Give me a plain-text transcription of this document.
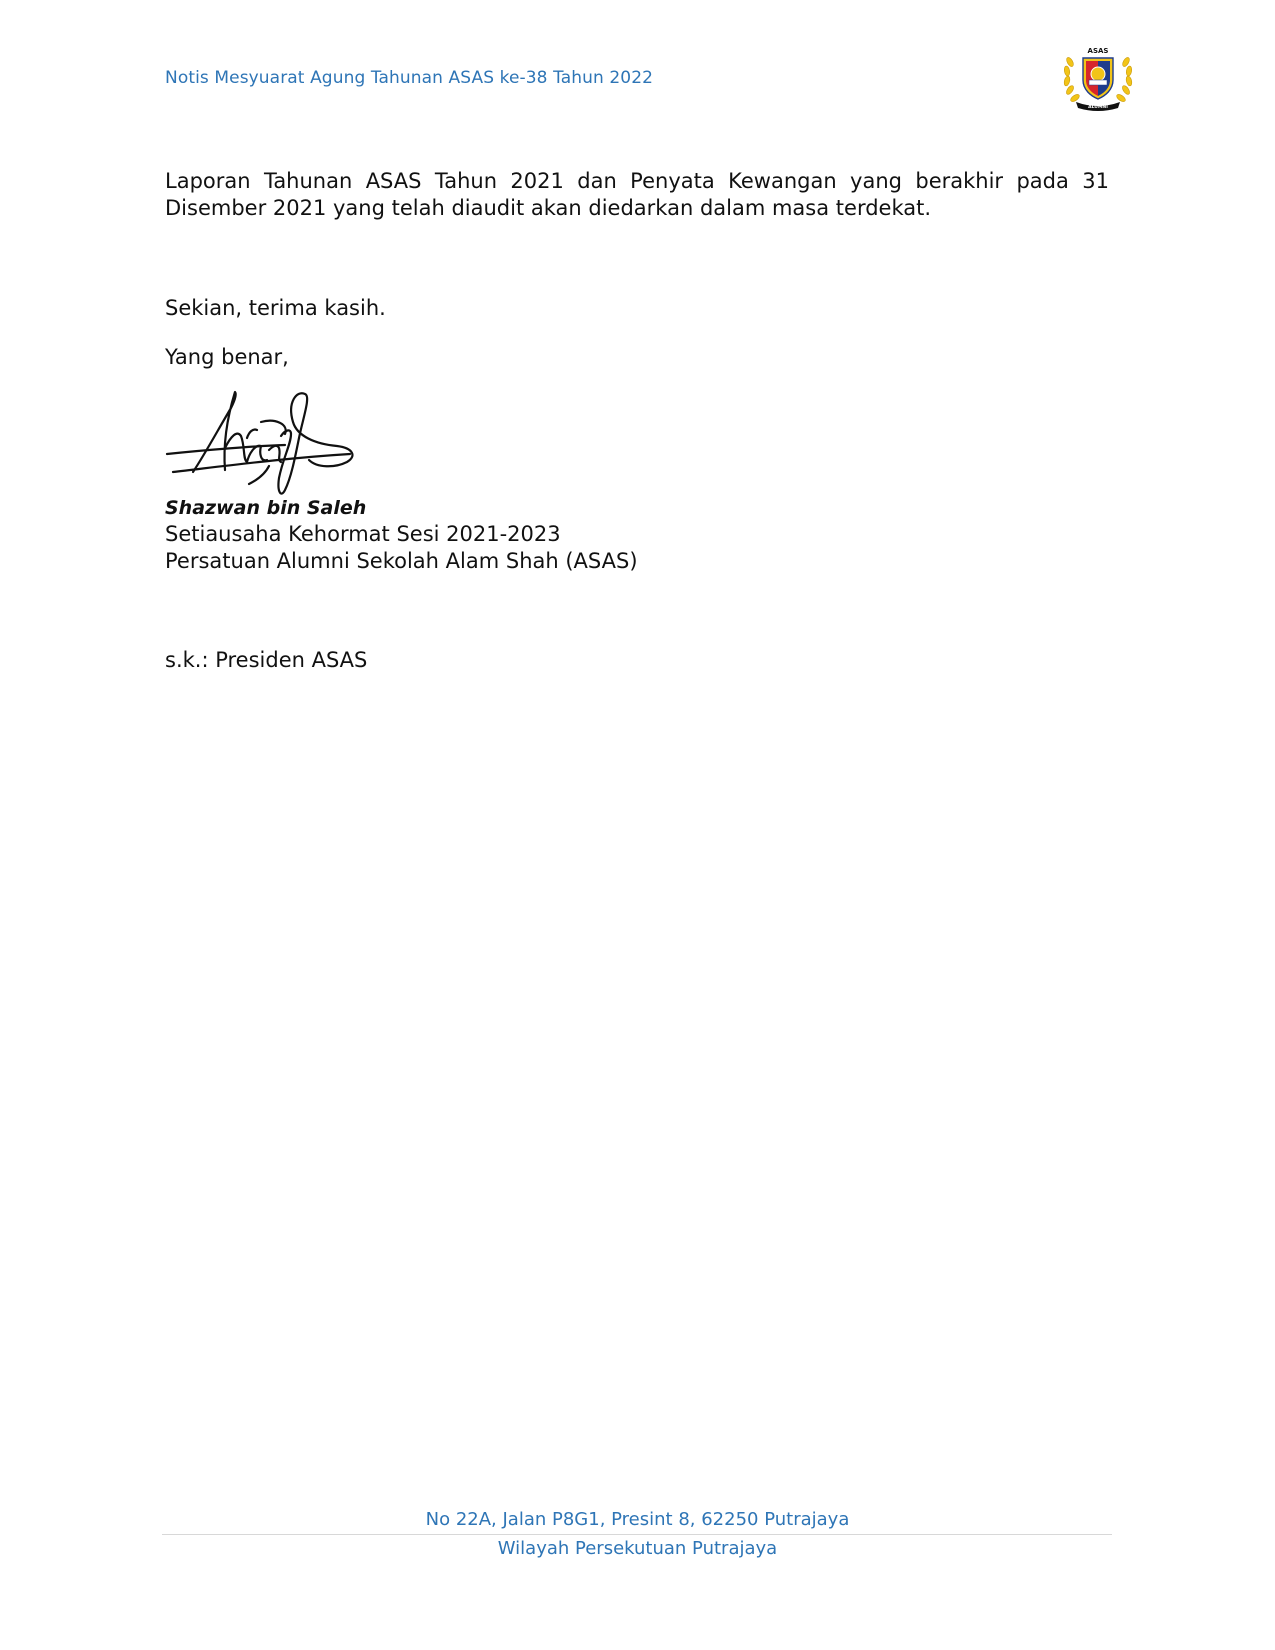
Notis Mesyuarat Agung Tahunan ASAS ke-38 Tahun 2022
ASAS
ALUMNI
Laporan Tahunan ASAS Tahun 2021 dan Penyata Kewangan yang berakhir pada 31 Disember 2021 yang telah diaudit akan diedarkan dalam masa terdekat.
Sekian, terima kasih.
Yang benar,
Shazwan bin Saleh
Setiausaha Kehormat Sesi 2021-2023
Persatuan Alumni Sekolah Alam Shah (ASAS)
s.k.: Presiden ASAS
No 22A, Jalan P8G1, Presint 8, 62250 Putrajaya
Wilayah Persekutuan Putrajaya
